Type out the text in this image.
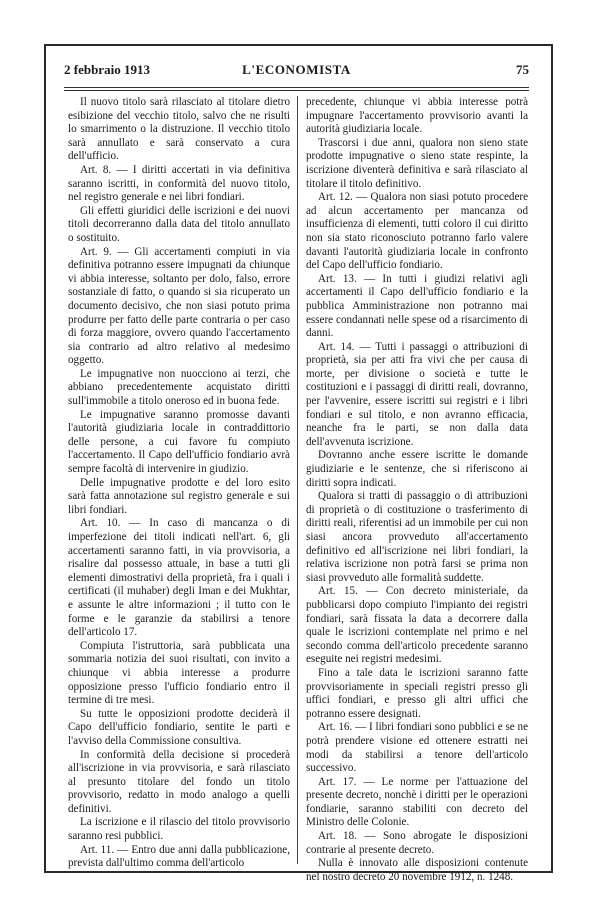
2 febbraio 1913	L'ECONOMISTA	75

Il nuovo titolo sarà rilasciato al titolare dietro esibizione del vecchio titolo, salvo che ne risulti lo smarrimento o la distruzione. Il vecchio titolo sarà annullato e sarà conservato a cura dell'ufficio.

Art. 8. — I diritti accertati in via definitiva saranno iscritti, in conformità del nuovo titolo, nel registro generale e nei libri fondiari.

Gli effetti giuridici delle iscrizioni e dei nuovi titoli decorreranno dalla data del titolo annullato o sostituito.

Art. 9. — Gli accertamenti compiuti in via definitiva potranno essere impugnati da chiunque vi abbia interesse, soltanto per dolo, falso, errore sostanziale di fatto, o quando si sia ricuperato un documento decisivo, che non siasi potuto prima produrre per fatto delle parte contraria o per caso di forza maggiore, ovvero quando l'accertamento sia contrario ad altro relativo al medesimo oggetto.

Le impugnative non nuocciono ai terzi, che abbiano precedentemente acquistato diritti sull'immobile a titolo oneroso ed in buona fede.

Le impugnative saranno promosse davanti l'autorità giudiziaria locale in contraddittorio delle persone, a cui favore fu compiuto l'accertamento. Il Capo dell'ufficio fondiario avrà sempre facoltà di intervenire in giudizio.

Delle impugnative prodotte e del loro esito sarà fatta annotazione sul registro generale e sui libri fondiari.

Art. 10. — In caso di mancanza o di imperfezione dei titoli indicati nell'art. 6, gli accertamenti saranno fatti, in via provvisoria, a risalire dal possesso attuale, in base a tutti gli elementi dimostrativi della proprietà, fra i quali i certificati (il muhaber) degli Iman e dei Mukhtar, e assunte le altre informazioni ; il tutto con le forme e le garanzie da stabilirsi a tenore dell'articolo 17.

Compiuta l'istruttoria, sarà pubblicata una sommaria notizia dei suoi risultati, con invito a chiunque vi abbia interesse a produrre opposizione presso l'ufficio fondiario entro il termine di tre mesi.

Su tutte le opposizioni prodotte deciderà il Capo dell'ufficio fondiario, sentite le parti e l'avviso della Commissione consultiva.

In conformità della decisione si procederà all'iscrizione in via provvisoria, e sarà rilasciato al presunto titolare del fondo un titolo provvisorio, redatto in modo analogo a quelli definitivi.

La iscrizione e il rilascio del titolo provvisorio saranno resi pubblici.

Art. 11. — Entro due anni dalla pubblicazione, prevista dall'ultimo comma dell'articolo

precedente, chiunque vi abbia interesse potrà impugnare l'accertamento provvisorio avanti la autorità giudiziaria locale.

Trascorsi i due anni, qualora non sieno state prodotte impugnative o sieno state respinte, la iscrizione diventerà definitiva e sarà rilasciato al titolare il titolo definitivo.

Art. 12. — Qualora non siasi potuto procedere ad alcun accertamento per mancanza od insufficienza di elementi, tutti coloro il cui diritto non sia stato riconosciuto potranno farlo valere davanti l'autorità giudiziaria locale in confronto del Capo dell'ufficio fondiario.

Art. 13. — In tutti i giudizi relativi agli accertamenti il Capo dell'ufficio fondiario e la pubblica Amministrazione non potranno mai essere condannati nelle spese od a risarcimento di danni.

Art. 14. — Tutti i passaggi o attribuzioni di proprietà, sia per atti fra vivi che per causa di morte, per divisione o società e tutte le costituzioni e i passaggi di diritti reali, dovranno, per l'avvenire, essere iscritti sui registri e i libri fondiari e sul titolo, e non avranno efficacia, neanche fra le parti, se non dalla data dell'avvenuta iscrizione.

Dovranno anche essere iscritte le domande giudiziarie e le sentenze, che si riferiscono ai diritti sopra indicati.

Qualora si tratti di passaggio o di attribuzioni di proprietà o di costituzione o trasferimento di diritti reali, riferentisi ad un immobile per cui non siasi ancora provveduto all'accertamento definitivo ed all'iscrizione nei libri fondiari, la relativa iscrizione non potrà farsi se prima non siasi provveduto alle formalità suddette.

Art. 15. — Con decreto ministeriale, da pubblicarsi dopo compiuto l'impianto dei registri fondiari, sarà fissata la data a decorrere dalla quale le iscrizioni contemplate nel primo e nel secondo comma dell'articolo precedente saranno eseguite nei registri medesimi.

Fino a tale data le iscrizioni saranno fatte provvisoriamente in speciali registri presso gli uffici fondiari, e presso gli altri uffici che potranno essere designati.

Art. 16. — I libri fondiari sono pubblici e se ne potrà prendere visione ed ottenere estratti nei modi da stabilirsi a tenore dell'articolo successivo.

Art. 17. — Le norme per l'attuazione del presente decreto, nonchè i diritti per le operazioni fondiarie, saranno stabiliti con decreto del Ministro delle Colonie.

Art. 18. — Sono abrogate le disposizioni contrarie al presente decreto.

Nulla è innovato alle disposizioni contenute nel nostro decreto 20 novembre 1912, n. 1248.
